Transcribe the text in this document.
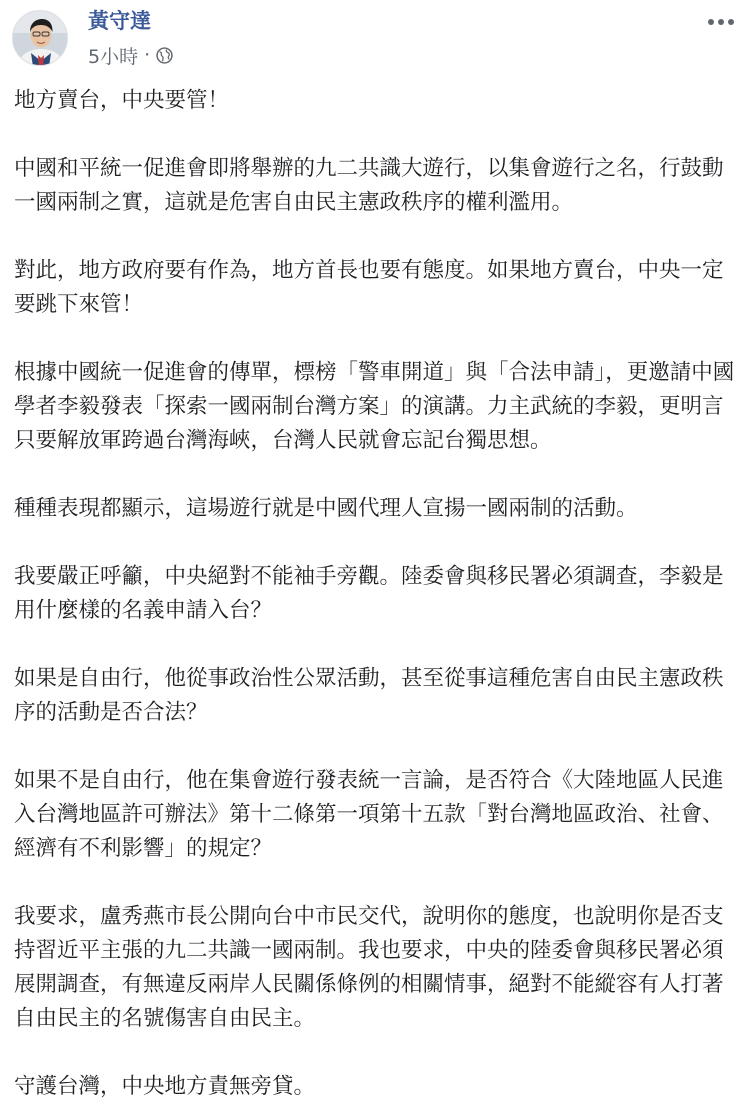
黃守達
5小時 ·

地方賣台，中央要管！

中國和平統一促進會即將舉辦的九二共識大遊行，以集會遊行之名，行鼓動一國兩制之實，這就是危害自由民主憲政秩序的權利濫用。

對此，地方政府要有作為，地方首長也要有態度。如果地方賣台，中央一定要跳下來管！

根據中國統一促進會的傳單，標榜「警車開道」與「合法申請」，更邀請中國學者李毅發表「探索一國兩制台灣方案」的演講。力主武統的李毅，更明言只要解放軍跨過台灣海峽，台灣人民就會忘記台獨思想。

種種表現都顯示，這場遊行就是中國代理人宣揚一國兩制的活動。

我要嚴正呼籲，中央絕對不能袖手旁觀。陸委會與移民署必須調查，李毅是用什麼樣的名義申請入台？

如果是自由行，他從事政治性公眾活動，甚至從事這種危害自由民主憲政秩序的活動是否合法？

如果不是自由行，他在集會遊行發表統一言論，是否符合《大陸地區人民進入台灣地區許可辦法》第十二條第一項第十五款「對台灣地區政治、社會、經濟有不利影響」的規定？

我要求，盧秀燕市長公開向台中市民交代，說明你的態度，也說明你是否支持習近平主張的九二共識一國兩制。我也要求，中央的陸委會與移民署必須展開調查，有無違反兩岸人民關係條例的相關情事，絕對不能縱容有人打著自由民主的名號傷害自由民主。

守護台灣，中央地方責無旁貸。
